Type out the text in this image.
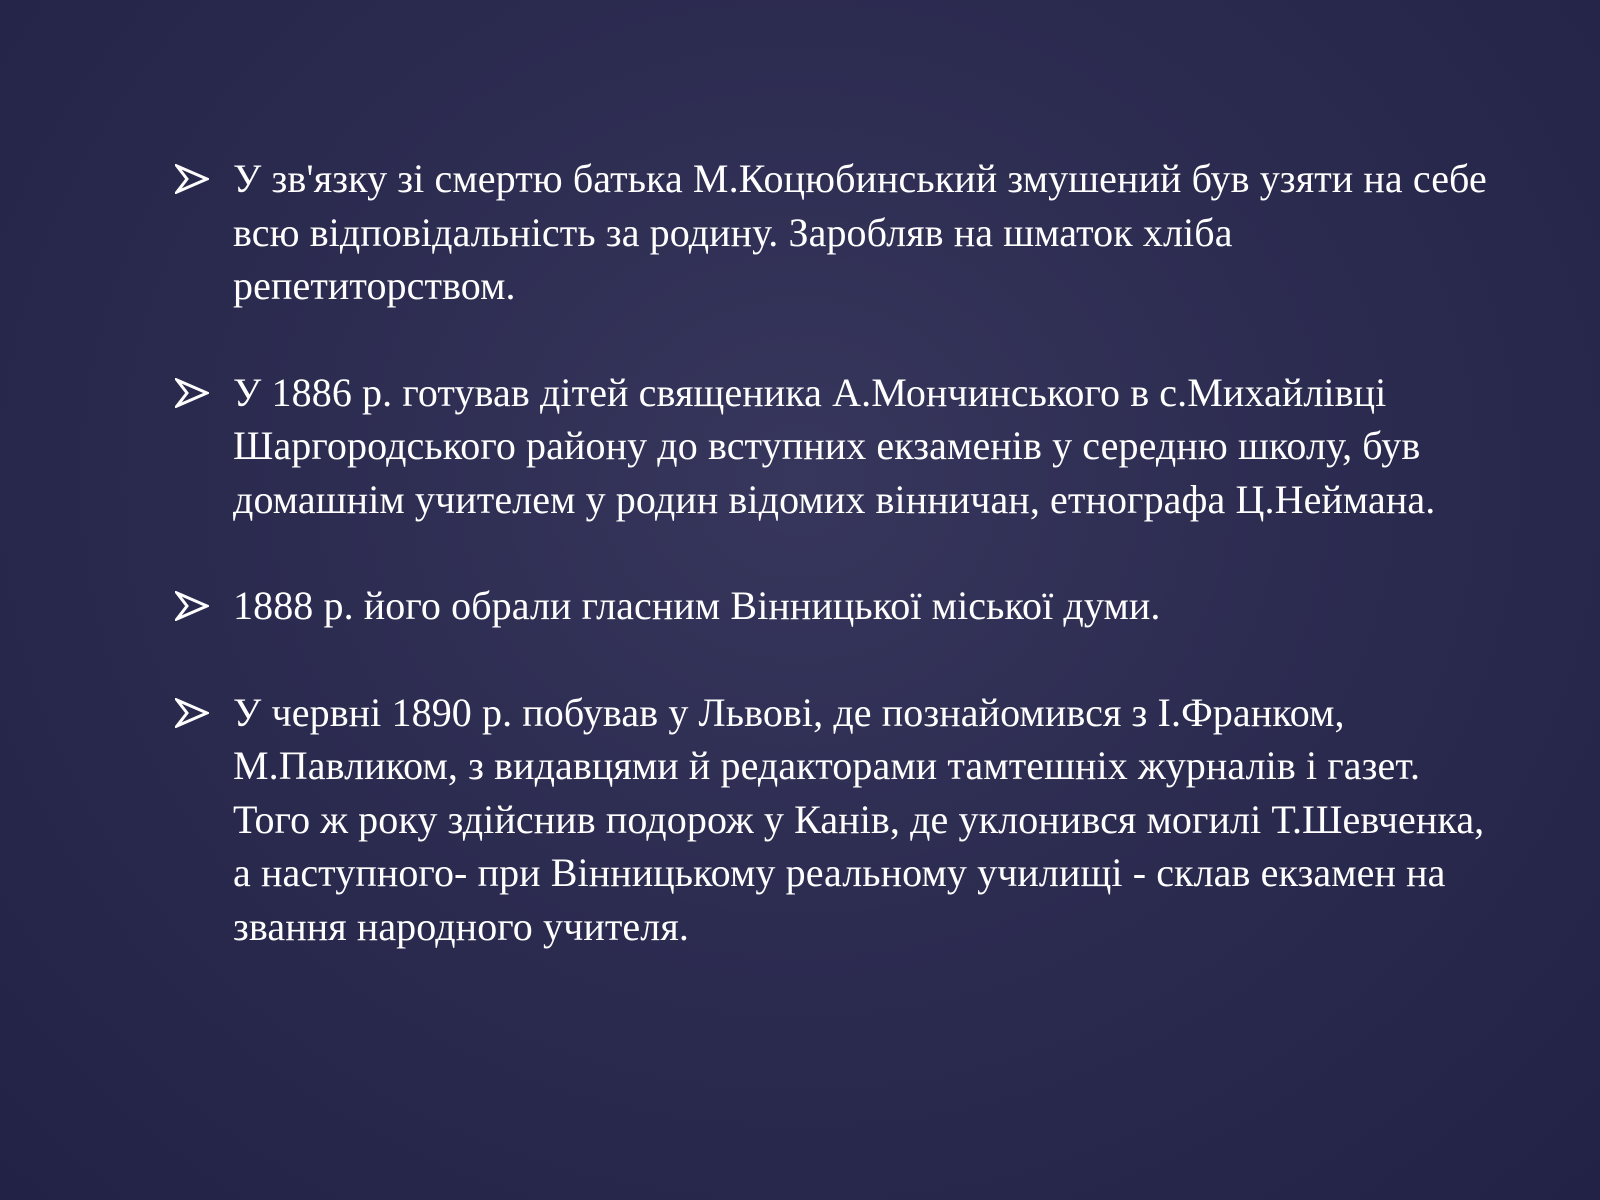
У зв'язку зі смертю батька М.Коцюбинський змушений був узяти на себе всю відповідальність за родину. Заробляв на шматок хліба репетиторством.
У 1886 р. готував дітей священика А.Мончинського в с.Михайлівці Шаргородського району до вступних екзаменів у середню школу, був домашнім учителем у родин відомих вінничан, етнографа Ц.Неймана.
1888 р. його обрали гласним Вінницької міської думи.
У червні 1890 р. побував у Львові, де познайомився з І.Франком, М.Павликом, з видавцями й редакторами тамтешніх журналів і газет. Того ж року здійснив подорож у Канів, де уклонився могилі Т.Шевченка, а наступного- при Вінницькому реальному училищі - склав екзамен на звання народного учителя.
